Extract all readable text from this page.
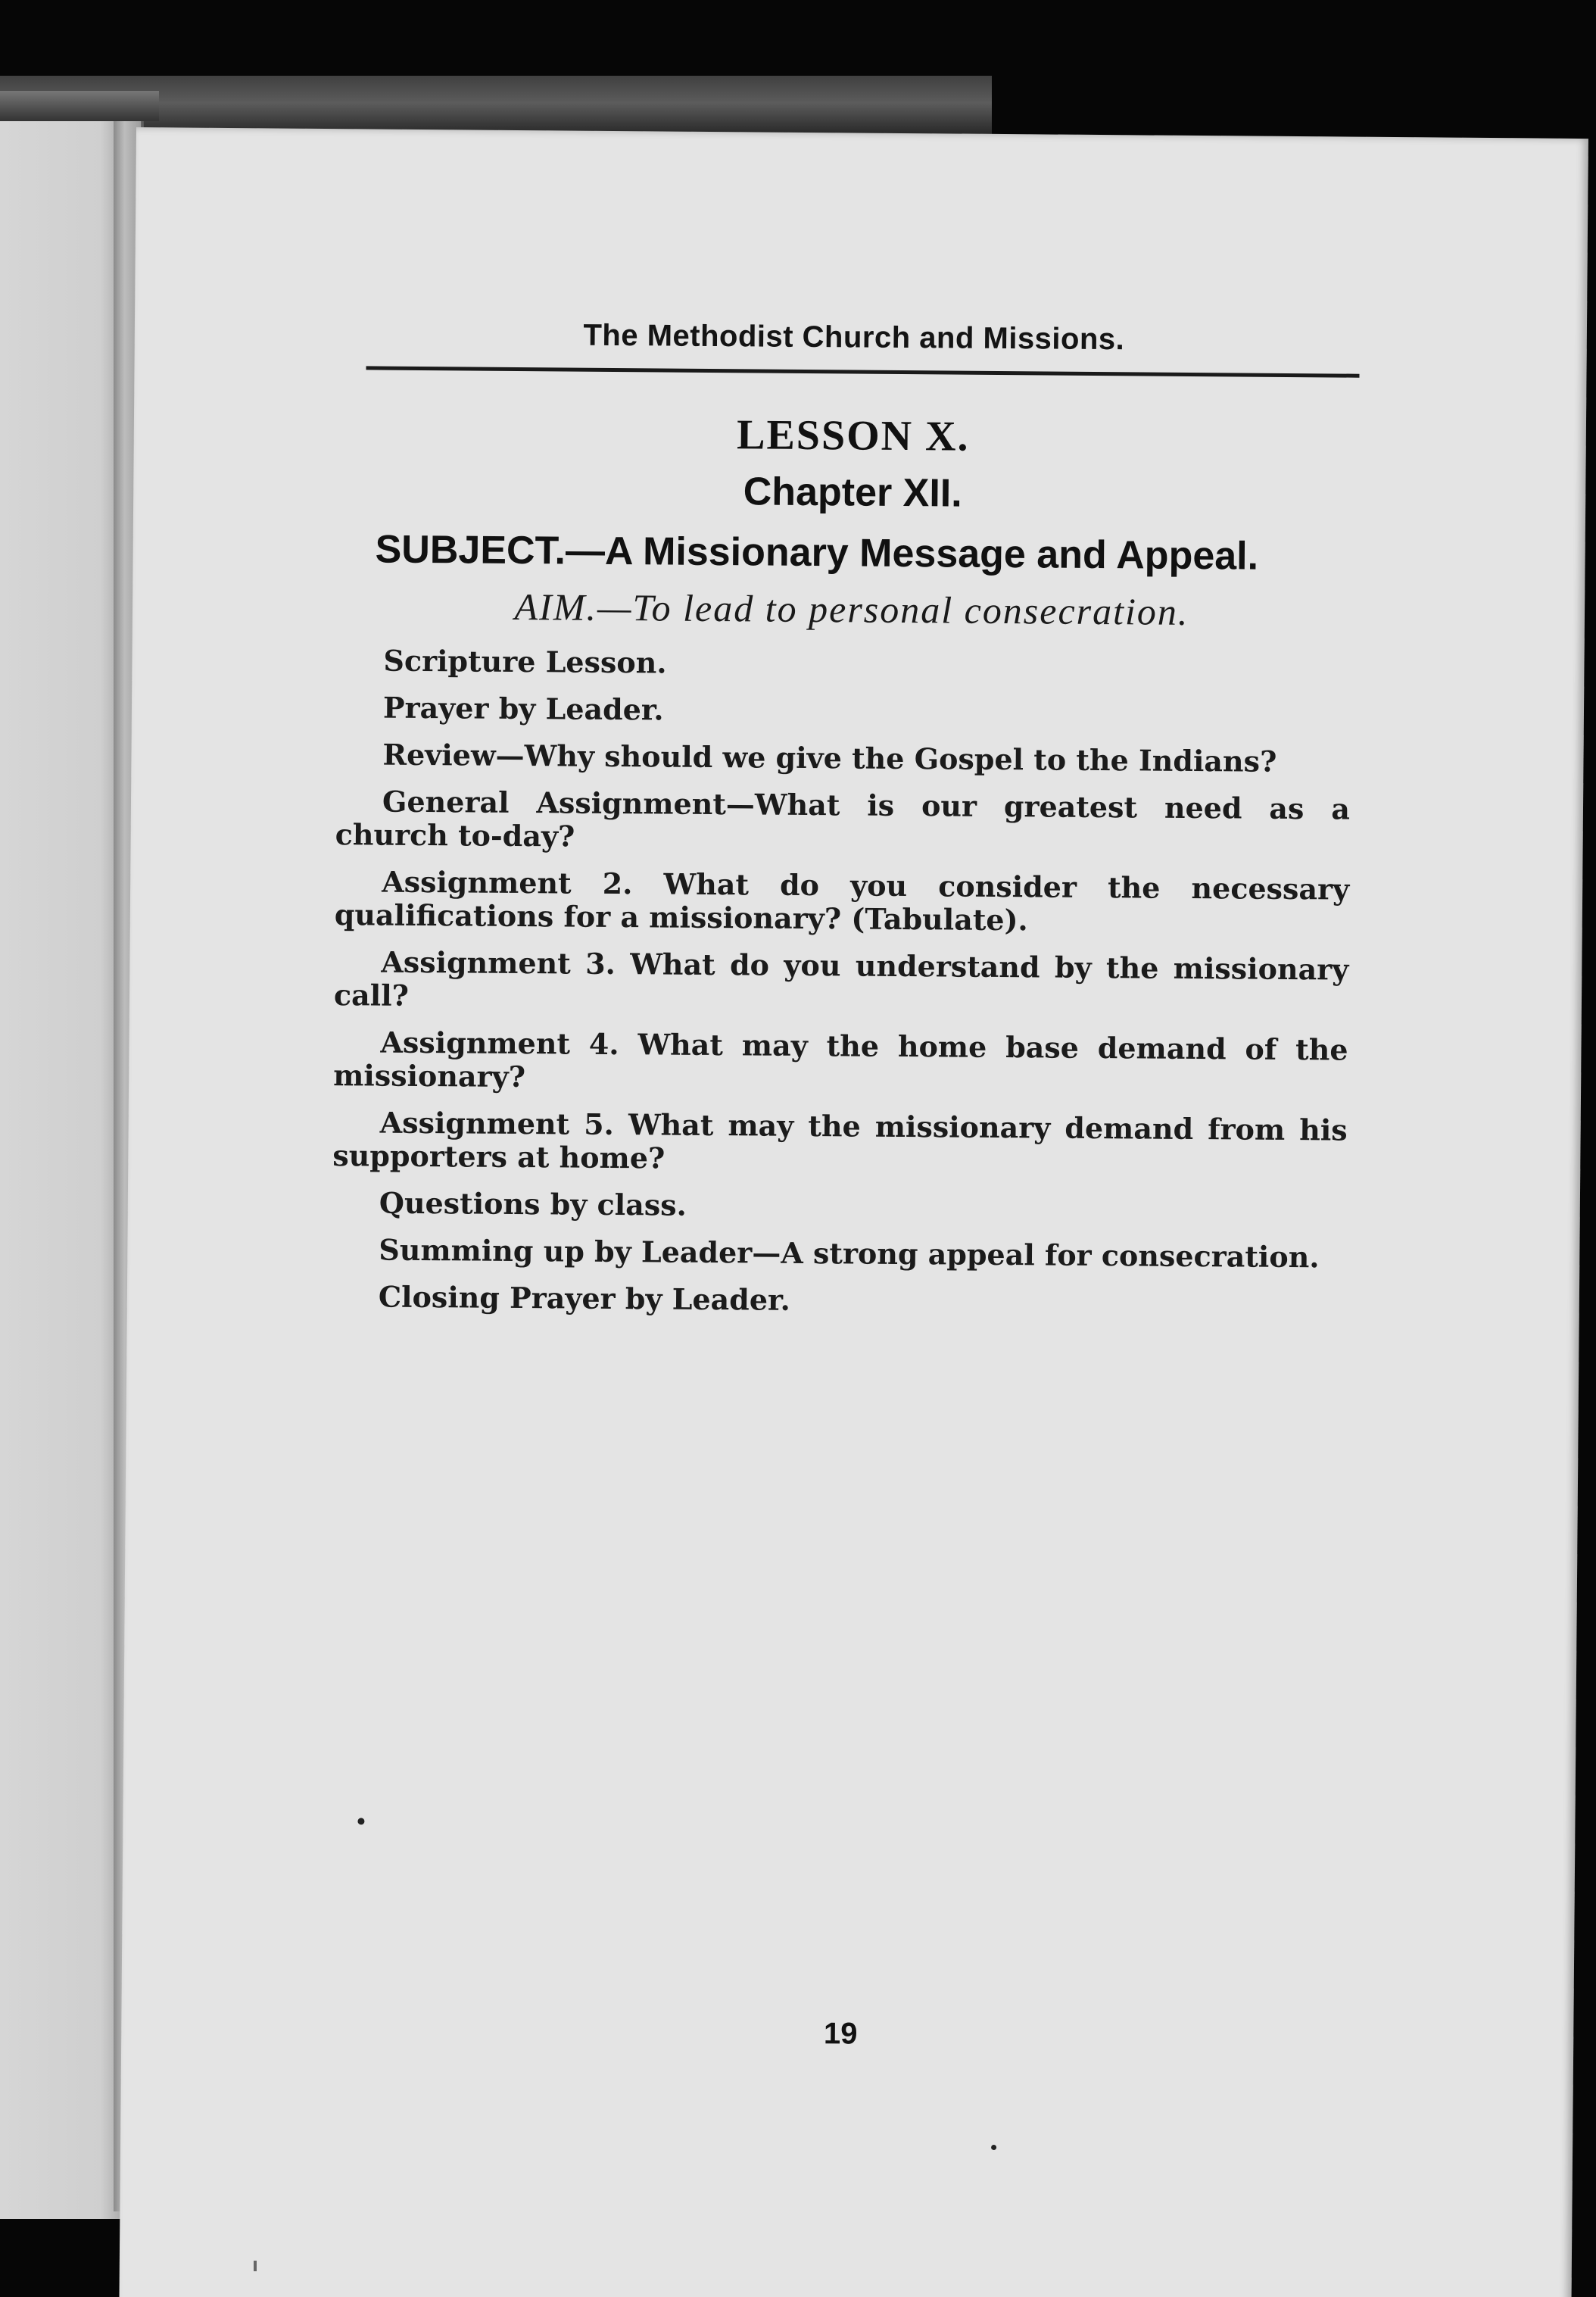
The Methodist Church and Missions.
LESSON X.
Chapter XII.
SUBJECT.—A Missionary Message and Appeal.
AIM.—To lead to personal consecration.
Scripture Lesson.
Prayer by Leader.
Review—Why should we give the Gospel to the Indians?
General Assignment—What is our greatest need as a church to-day?
Assignment 2. What do you consider the necessary qualifications for a missionary? (Tabulate).
Assignment 3. What do you understand by the missionary call?
Assignment 4. What may the home base demand of the missionary?
Assignment 5. What may the missionary demand from his supporters at home?
Questions by class.
Summing up by Leader—A strong appeal for consecration.
Closing Prayer by Leader.
19
